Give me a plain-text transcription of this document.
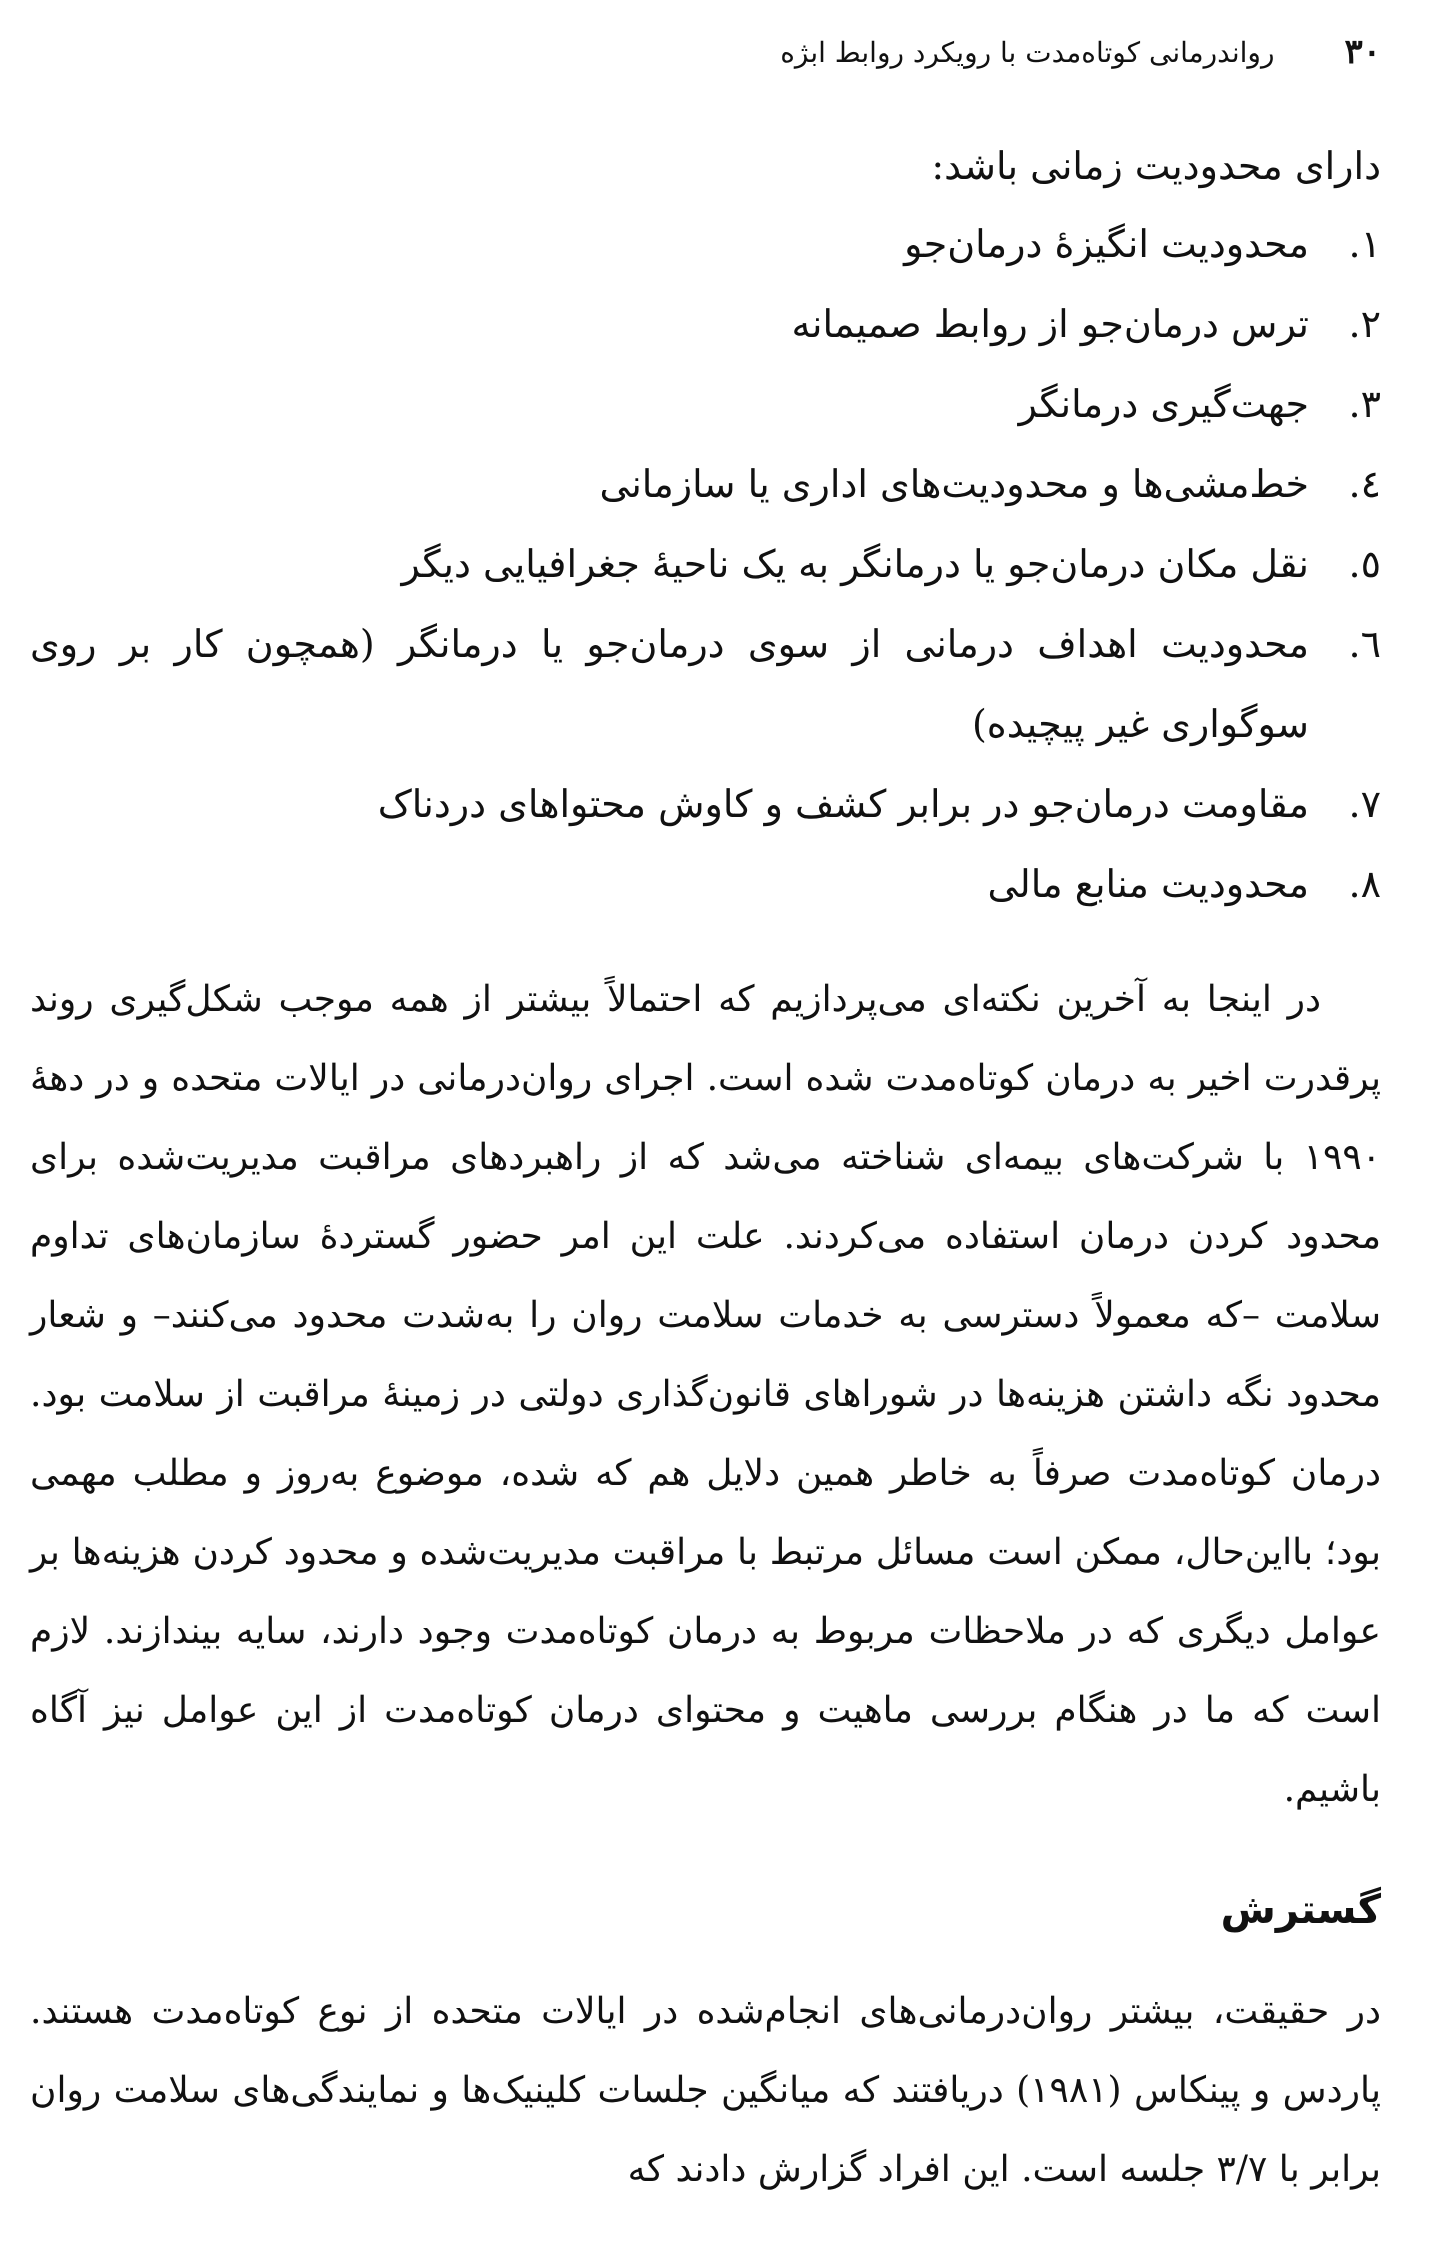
۳۰
رواندرمانی کوتاه‌مدت با رویکرد روابط ابژه
دارای محدودیت زمانی باشد:
۱.
محدودیت انگیزهٔ درمان‌جو
۲.
ترس درمان‌جو از روابط صمیمانه
۳.
جهت‌گیری درمانگر
٤.
خط‌مشی‌ها و محدودیت‌های اداری یا سازمانی
٥.
نقل مکان درمان‌جو یا درمانگر به یک ناحیهٔ جغرافیایی دیگر
٦.
محدودیت اهداف درمانی از سوی درمان‌جو یا درمانگر (همچون کار بر روی سوگواری غیر پیچیده)
۷.
مقاومت درمان‌جو در برابر کشف و کاوش محتواهای دردناک
۸.
محدودیت منابع مالی

در اینجا به آخرین نکته‌ای می‌پردازیم که احتمالاً بیشتر از همه موجب شکل‌گیری روند پرقدرت اخیر به درمان کوتاه‌مدت شده است. اجرای روان‌درمانی در ایالات متحده و در دههٔ ۱۹۹۰ با شرکت‌های بیمه‌ای شناخته می‌شد که از راهبردهای مراقبت مدیریت‌شده برای محدود کردن درمان استفاده می‌کردند. علت این امر حضور گستردهٔ سازمان‌های تداوم سلامت –که معمولاً دسترسی به خدمات سلامت روان را به‌شدت محدود می‌کنند– و شعار محدود نگه داشتن هزینه‌ها در شوراهای قانون‌گذاری دولتی در زمینهٔ مراقبت از سلامت بود. درمان کوتاه‌مدت صرفاً به خاطر همین دلایل هم که شده، موضوع به‌روز و مطلب مهمی بود؛ بااین‌حال، ممکن است مسائل مرتبط با مراقبت مدیریت‌شده و محدود کردن هزینه‌ها بر عوامل دیگری که در ملاحظات مربوط به درمان کوتاه‌مدت وجود دارند، سایه بیندازند. لازم است که ما در هنگام بررسی ماهیت و محتوای درمان کوتاه‌مدت از این عوامل نیز آگاه باشیم.

گسترش

در حقیقت، بیشتر روان‌درمانی‌های انجام‌شده در ایالات متحده از نوع کوتاه‌مدت هستند. پاردس و پینکاس (۱۹۸۱) دریافتند که میانگین جلسات کلینیک‌ها و نمایندگی‌های سلامت روان برابر با ۳/۷ جلسه است. این افراد گزارش دادند که
